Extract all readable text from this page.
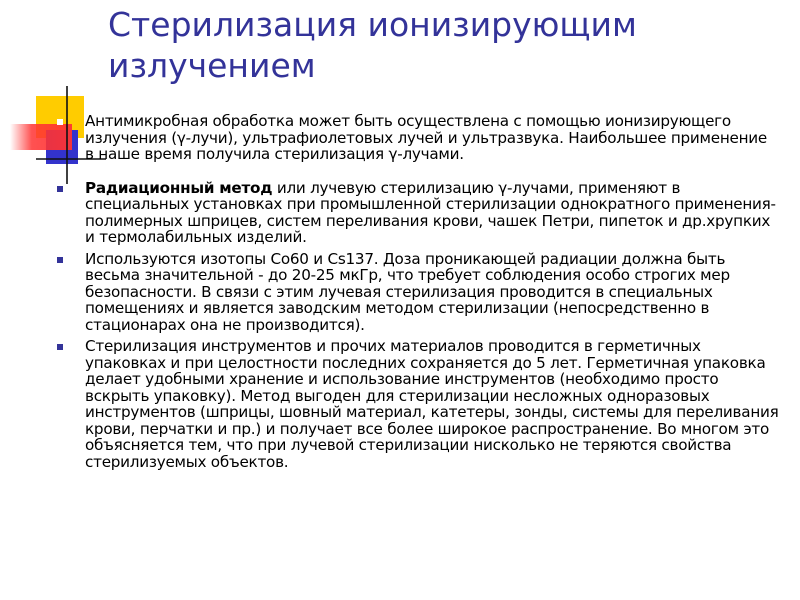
Стерилизация ионизирующим излучением

Антимикробная обработка может быть осуществлена с помощью ионизирующего излучения (γ-лучи), ультрафиолетовых лучей и ультразвука. Наибольшее применение в наше время получила стерилизация γ-лучами.

Радиационный метод или лучевую стерилизацию γ-лучами, применяют в специальных установках при промышленной стерилизации однократного применения- полимерных шприцев, систем переливания крови, чашек Петри, пипеток и др.хрупких и термолабильных изделий.

Используются изотопы Со60 и Cs137. Доза проникающей радиации должна быть весьма значительной - до 20-25 мкГр, что требует соблюдения особо строгих мер безопасности. В связи с этим лучевая стерилизация проводится в специальных помещениях и является заводским методом стерилизации (непосредственно в стационарах она не производится).

Стерилизация инструментов и прочих материалов проводится в герметичных упаковках и при целостности последних сохраняется до 5 лет. Герметичная упаковка делает удобными хранение и использование инструментов (необходимо просто вскрыть упаковку). Метод выгоден для стерилизации несложных одноразовых инструментов (шприцы, шовный материал, катетеры, зонды, системы для переливания крови, перчатки и пр.) и получает все более широкое распространение. Во многом это объясняется тем, что при лучевой стерилизации нисколько не теряются свойства стерилизуемых объектов.
